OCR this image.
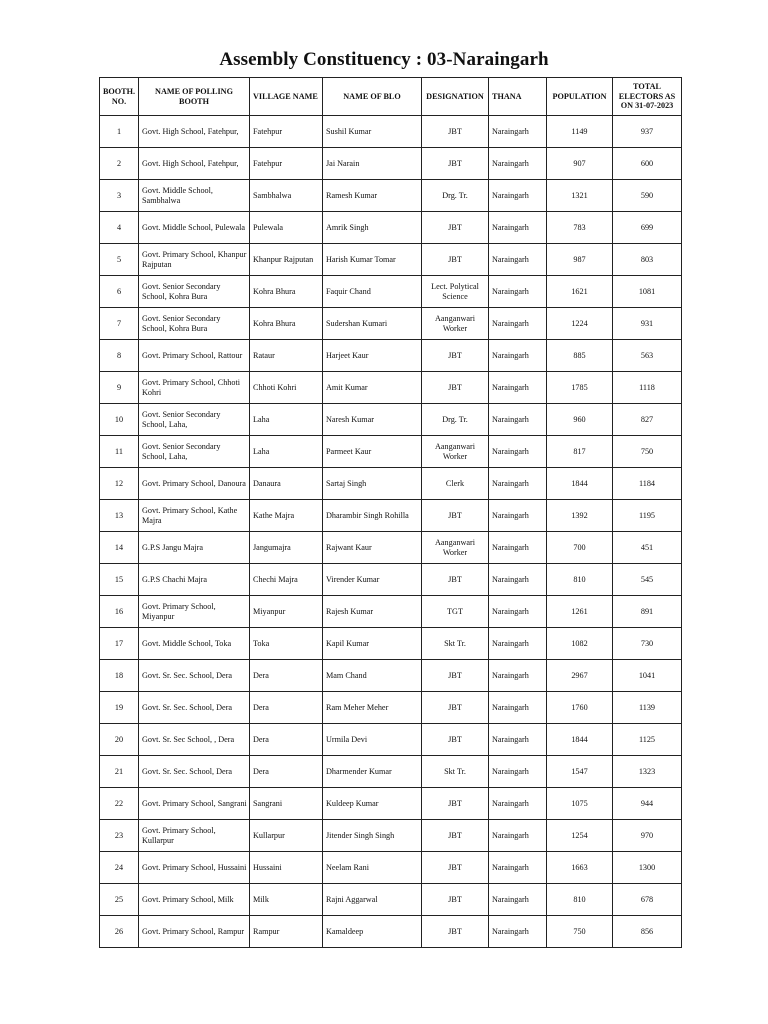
Assembly Constituency : 03-Naraingarh
BOOTH. NO.	NAME OF POLLING BOOTH	VILLAGE NAME	NAME OF BLO	DESIGNATION	THANA	POPULATION	TOTAL ELECTORS AS ON 31-07-2023
1	Govt. High School, Fatehpur,	Fatehpur	Sushil Kumar	JBT	Naraingarh	1149	937
2	Govt. High School, Fatehpur,	Fatehpur	Jai Narain	JBT	Naraingarh	907	600
3	Govt. Middle School, Sambhalwa	Sambhalwa	Ramesh Kumar	Drg. Tr.	Naraingarh	1321	590
4	Govt. Middle School, Pulewala	Pulewala	Amrik Singh	JBT	Naraingarh	783	699
5	Govt. Primary School, Khanpur Rajputan	Khanpur Rajputan	Harish Kumar Tomar	JBT	Naraingarh	987	803
6	Govt. Senior Secondary School, Kohra Bura	Kohra Bhura	Faquir Chand	Lect. Polytical Science	Naraingarh	1621	1081
7	Govt. Senior Secondary School, Kohra Bura	Kohra Bhura	Sudershan Kumari	Aanganwari Worker	Naraingarh	1224	931
8	Govt. Primary School, Rattour	Rataur	Harjeet Kaur	JBT	Naraingarh	885	563
9	Govt. Primary School, Chhoti Kohri	Chhoti Kohri	Amit Kumar	JBT	Naraingarh	1785	1118
10	Govt. Senior Secondary School, Laha,	Laha	Naresh Kumar	Drg. Tr.	Naraingarh	960	827
11	Govt. Senior Secondary School, Laha,	Laha	Parmeet Kaur	Aanganwari Worker	Naraingarh	817	750
12	Govt. Primary School, Danoura	Danaura	Sartaj Singh	Clerk	Naraingarh	1844	1184
13	Govt. Primary School, Kathe Majra	Kathe Majra	Dharambir Singh Rohilla	JBT	Naraingarh	1392	1195
14	G.P.S Jangu Majra	Jangumajra	Rajwant Kaur	Aanganwari Worker	Naraingarh	700	451
15	G.P.S Chachi Majra	Chechi Majra	Virender Kumar	JBT	Naraingarh	810	545
16	Govt. Primary School, Miyanpur	Miyanpur	Rajesh Kumar	TGT	Naraingarh	1261	891
17	Govt. Middle School, Toka	Toka	Kapil Kumar	Skt Tr.	Naraingarh	1082	730
18	Govt. Sr. Sec. School, Dera	Dera	Mam Chand	JBT	Naraingarh	2967	1041
19	Govt. Sr. Sec. School, Dera	Dera	Ram Meher Meher	JBT	Naraingarh	1760	1139
20	Govt. Sr. Sec School, , Dera	Dera	Urmila Devi	JBT	Naraingarh	1844	1125
21	Govt. Sr. Sec. School, Dera	Dera	Dharmender Kumar	Skt Tr.	Naraingarh	1547	1323
22	Govt. Primary School, Sangrani	Sangrani	Kuldeep Kumar	JBT	Naraingarh	1075	944
23	Govt. Primary School, Kullarpur	Kullarpur	Jitender Singh Singh	JBT	Naraingarh	1254	970
24	Govt. Primary School, Hussaini	Hussaini	Neelam Rani	JBT	Naraingarh	1663	1300
25	Govt. Primary School, Milk	Milk	Rajni Aggarwal	JBT	Naraingarh	810	678
26	Govt. Primary School, Rampur	Rampur	Kamaldeep	JBT	Naraingarh	750	856
